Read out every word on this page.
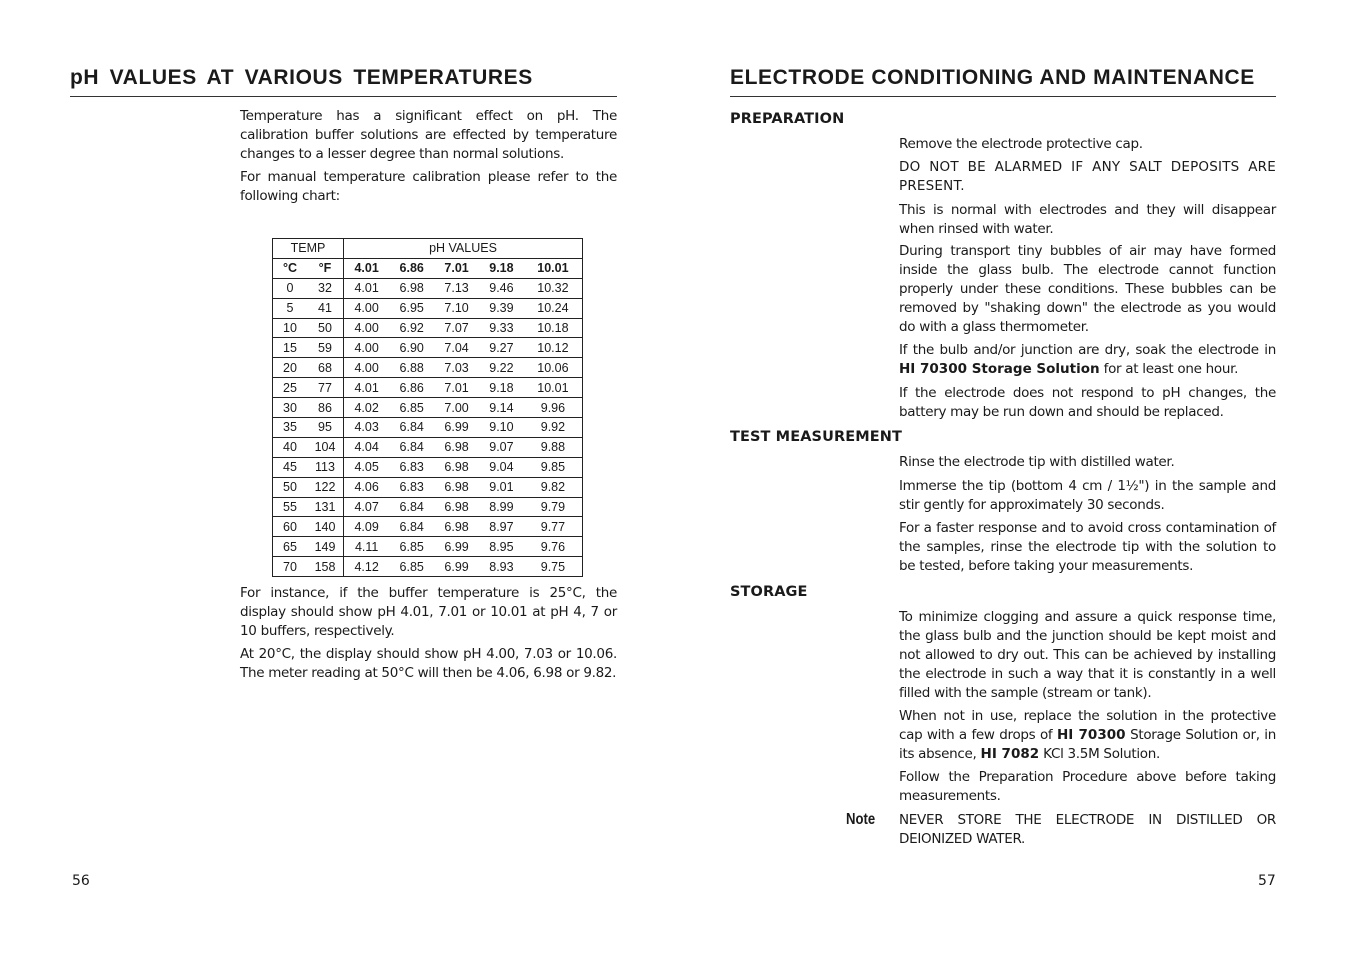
pH VALUES AT VARIOUS TEMPERATURES

Temperature has a significant effect on pH. The calibration buffer solutions are effected by temperature changes to a lesser degree than normal solutions.

For manual temperature calibration please refer to the following chart:

TEMP		pH VALUES				
°C	°F	4.01	6.86	7.01	9.18	10.01
0	32	4.01	6.98	7.13	9.46	10.32
5	41	4.00	6.95	7.10	9.39	10.24
10	50	4.00	6.92	7.07	9.33	10.18
15	59	4.00	6.90	7.04	9.27	10.12
20	68	4.00	6.88	7.03	9.22	10.06
25	77	4.01	6.86	7.01	9.18	10.01
30	86	4.02	6.85	7.00	9.14	9.96
35	95	4.03	6.84	6.99	9.10	9.92
40	104	4.04	6.84	6.98	9.07	9.88
45	113	4.05	6.83	6.98	9.04	9.85
50	122	4.06	6.83	6.98	9.01	9.82
55	131	4.07	6.84	6.98	8.99	9.79
60	140	4.09	6.84	6.98	8.97	9.77
65	149	4.11	6.85	6.99	8.95	9.76
70	158	4.12	6.85	6.99	8.93	9.75

For instance, if the buffer temperature is 25°C, the display should show pH 4.01, 7.01 or 10.01 at pH 4, 7 or 10 buffers, respectively.

At 20°C, the display should show pH 4.00, 7.03 or 10.06. The meter reading at 50°C will then be 4.06, 6.98 or 9.82.

56
ELECTRODE CONDITIONING AND MAINTENANCE
PREPARATION

Remove the electrode protective cap.

DO NOT BE ALARMED IF ANY SALT DEPOSITS ARE PRESENT.

This is normal with electrodes and they will disappear when rinsed with water.

During transport tiny bubbles of air may have formed inside the glass bulb. The electrode cannot function properly under these conditions. These bubbles can be removed by "shaking down" the electrode as you would do with a glass thermometer.

If the bulb and/or junction are dry, soak the electrode in HI 70300 Storage Solution for at least one hour.

If the electrode does not respond to pH changes, the battery may be run down and should be replaced.

TEST MEASUREMENT

Rinse the electrode tip with distilled water.

Immerse the tip (bottom 4 cm / 1½") in the sample and stir gently for approximately 30 seconds.

For a faster response and to avoid cross contamination of the samples, rinse the electrode tip with the solution to be tested, before taking your measurements.

STORAGE

To minimize clogging and assure a quick response time, the glass bulb and the junction should be kept moist and not allowed to dry out. This can be achieved by installing the electrode in such a way that it is constantly in a well filled with the sample (stream or tank).

When not in use, replace the solution in the protective cap with a few drops of HI 70300 Storage Solution or, in its absence, HI 7082 KCl 3.5M Solution.

Follow the Preparation Procedure above before taking measurements.

Note NEVER STORE THE ELECTRODE IN DISTILLED OR DEIONIZED WATER.

57
